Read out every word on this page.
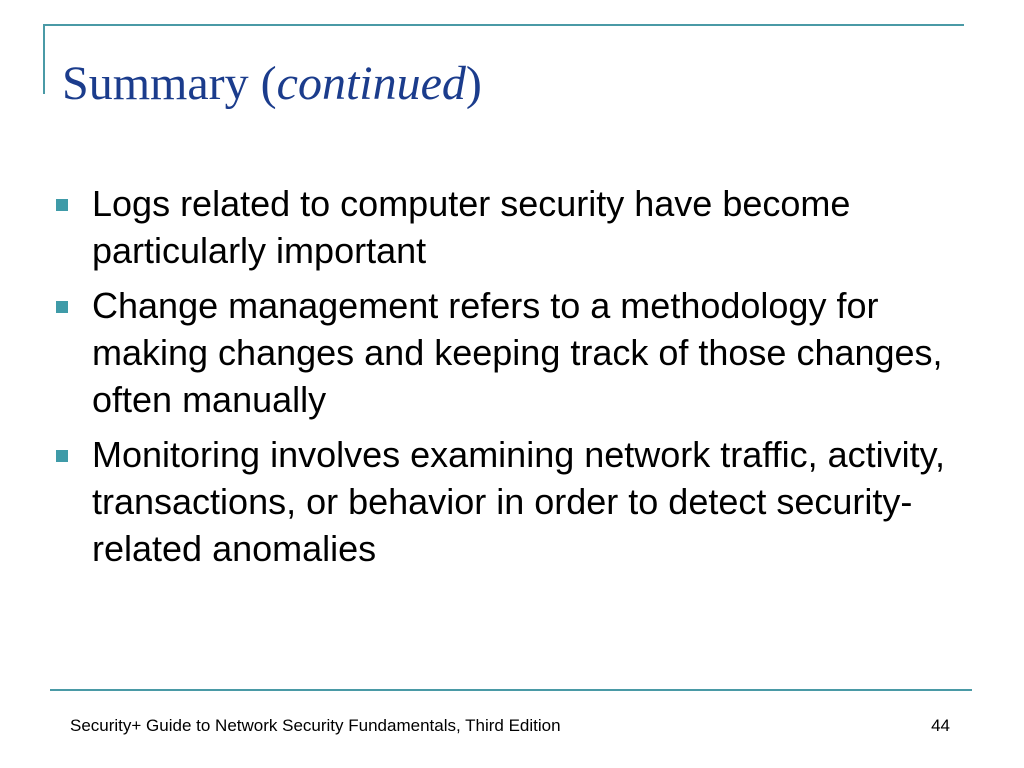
Summary (continued)
Logs related to computer security have become particularly important
Change management refers to a methodology for making changes and keeping track of those changes, often manually
Monitoring involves examining network traffic, activity, transactions, or behavior in order to detect security-related anomalies
Security+ Guide to Network Security Fundamentals, Third Edition	44
